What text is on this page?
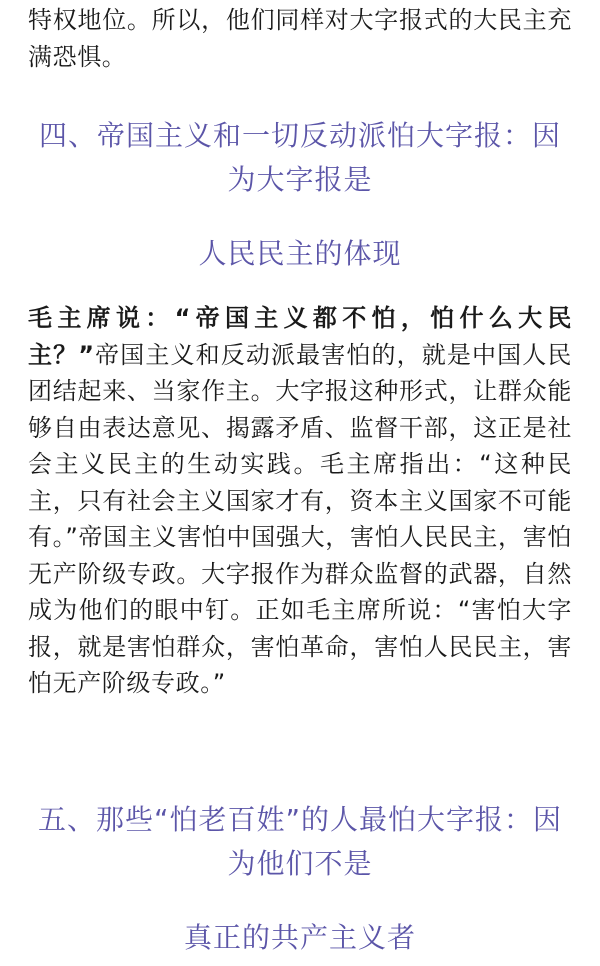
特权地位。所以，他们同样对大字报式的大民主充满恐惧。

四、帝国主义和一切反动派怕大字报：因为大字报是
人民民主的体现

毛主席说：“帝国主义都不怕，怕什么大民主？”帝国主义和反动派最害怕的，就是中国人民团结起来、当家作主。大字报这种形式，让群众能够自由表达意见、揭露矛盾、监督干部，这正是社会主义民主的生动实践。毛主席指出：“这种民主，只有社会主义国家才有，资本主义国家不可能有。”帝国主义害怕中国强大，害怕人民民主，害怕无产阶级专政。大字报作为群众监督的武器，自然成为他们的眼中钉。正如毛主席所说：“害怕大字报，就是害怕群众，害怕革命，害怕人民民主，害怕无产阶级专政。”

五、那些“怕老百姓”的人最怕大字报：因为他们不是
真正的共产主义者
